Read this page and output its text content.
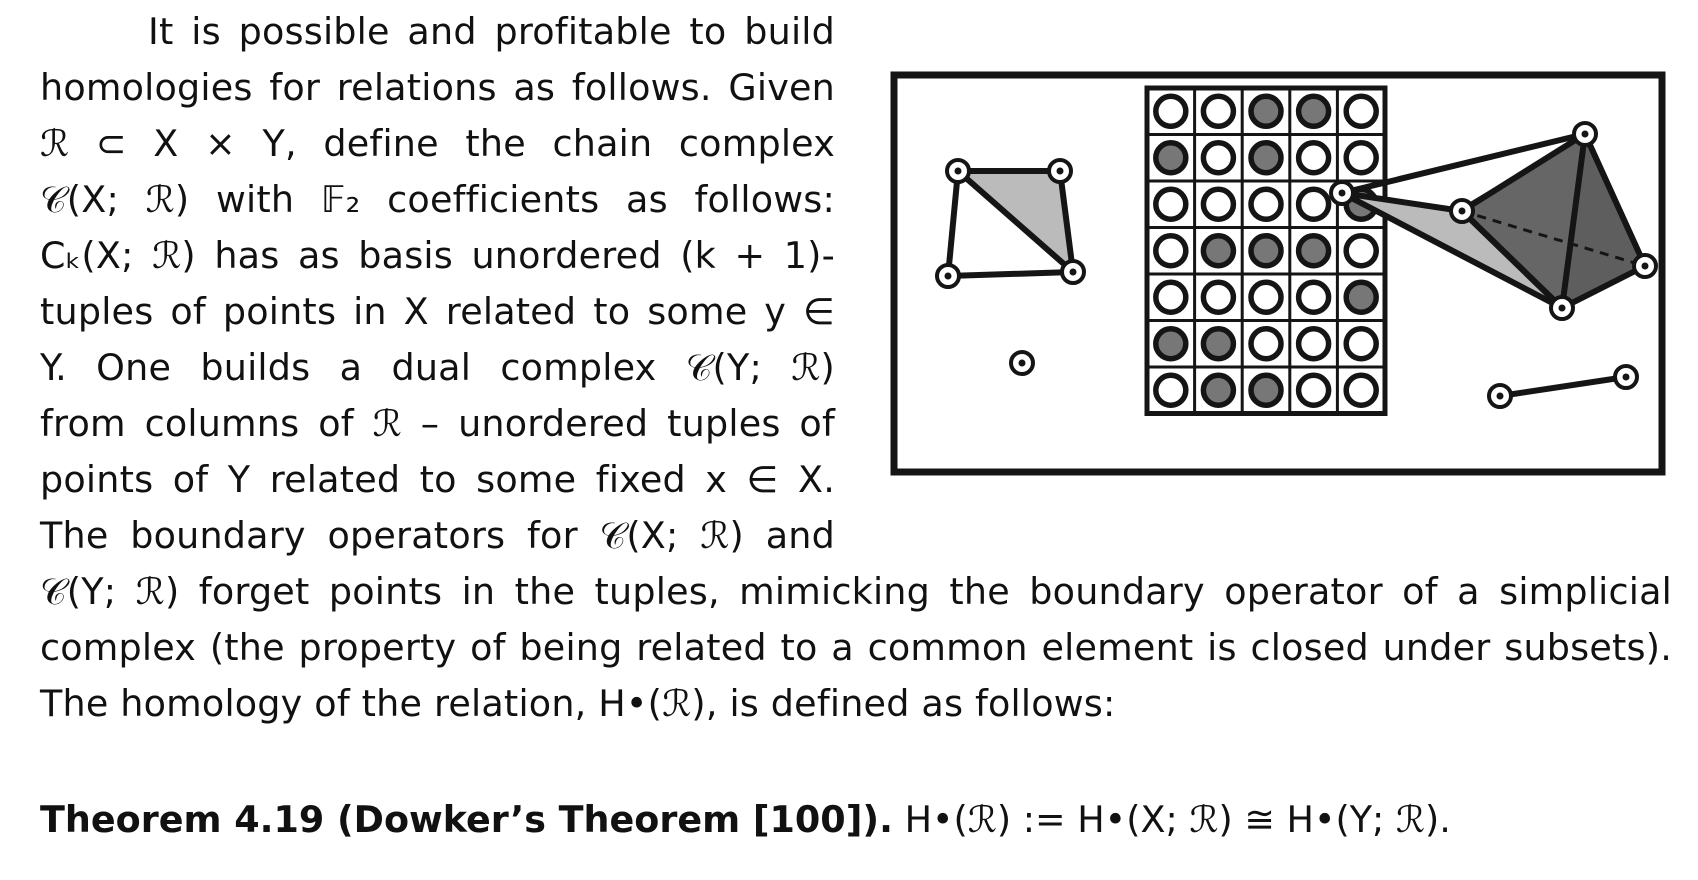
It is possible and profitable to build
homologies for relations as follows. Given
ℛ ⊂ X × Y, define the chain complex
𝒞(X; ℛ) with 𝔽₂ coefficients as follows:
Cₖ(X; ℛ) has as basis unordered (k + 1)-
tuples of points in X related to some y ∈
Y. One builds a dual complex 𝒞(Y; ℛ)
from columns of ℛ – unordered tuples of
points of Y related to some fixed x ∈ X.
The boundary operators for 𝒞(X; ℛ) and
𝒞(Y; ℛ) forget points in the tuples, mimicking the boundary operator of a simplicial
complex (the property of being related to a common element is closed under subsets).
The homology of the relation, H•(ℛ), is defined as follows:
Theorem 4.19 (Dowker’s Theorem [100]). H•(ℛ) := H•(X; ℛ) ≅ H•(Y; ℛ).
